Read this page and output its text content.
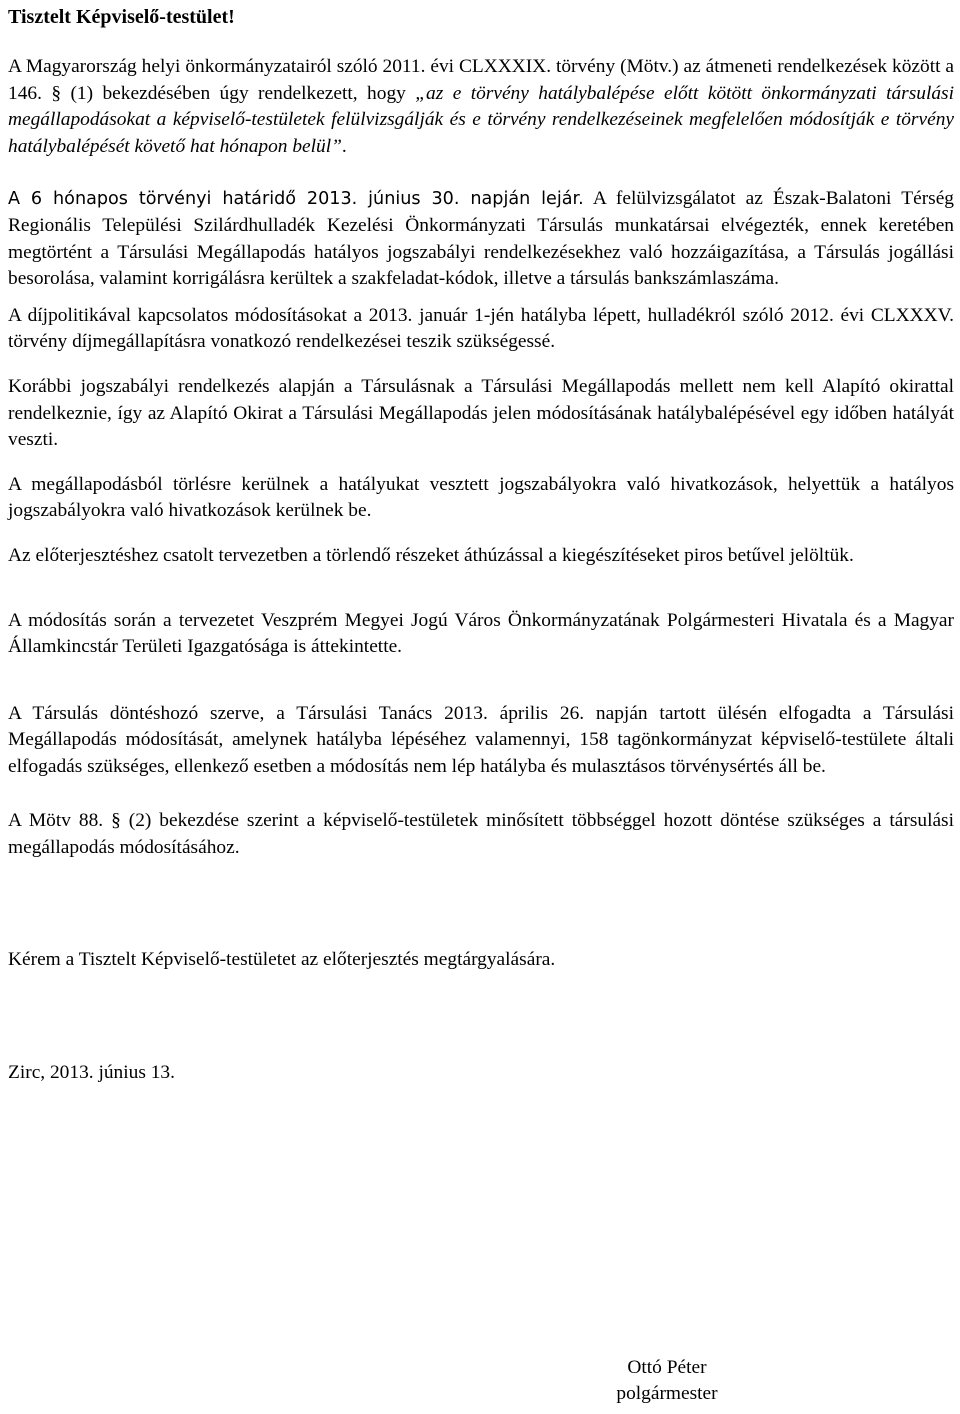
Tisztelt Képviselő-testület!

A Magyarország helyi önkormányzatairól szóló 2011. évi CLXXXIX. törvény (Mötv.) az átmeneti rendelkezések között a 146. § (1) bekezdésében úgy rendelkezett, hogy „az e törvény hatálybalépése előtt kötött önkormányzati társulási megállapodásokat a képviselő-testületek felülvizsgálják és e törvény rendelkezéseinek megfelelően módosítják e törvény hatálybalépését követő hat hónapon belül”.

A 6 hónapos törvényi határidő 2013. június 30. napján lejár. A felülvizsgálatot az Észak-Balatoni Térség Regionális Települési Szilárdhulladék Kezelési Önkormányzati Társulás munkatársai elvégezték, ennek keretében megtörtént a Társulási Megállapodás hatályos jogszabályi rendelkezésekhez való hozzáigazítása, a Társulás jogállási besorolása, valamint korrigálásra kerültek a szakfeladat-kódok, illetve a társulás bankszámlaszáma.

A díjpolitikával kapcsolatos módosításokat a 2013. január 1-jén hatályba lépett, hulladékról szóló 2012. évi CLXXXV. törvény díjmegállapításra vonatkozó rendelkezései teszik szükségessé.

Korábbi jogszabályi rendelkezés alapján a Társulásnak a Társulási Megállapodás mellett nem kell Alapító okirattal rendelkeznie, így az Alapító Okirat a Társulási Megállapodás jelen módosításának hatálybalépésével egy időben hatályát veszti.

A megállapodásból törlésre kerülnek a hatályukat vesztett jogszabályokra való hivatkozások, helyettük a hatályos jogszabályokra való hivatkozások kerülnek be.

Az előterjesztéshez csatolt tervezetben a törlendő részeket áthúzással a kiegészítéseket piros betűvel jelöltük.

A módosítás során a tervezetet Veszprém Megyei Jogú Város Önkormányzatának Polgármesteri Hivatala és a Magyar Államkincstár Területi Igazgatósága is áttekintette.

A Társulás döntéshozó szerve, a Társulási Tanács 2013. április 26. napján tartott ülésén elfogadta a Társulási Megállapodás módosítását, amelynek hatályba lépéséhez valamennyi, 158 tagönkormányzat képviselő-testülete általi elfogadás szükséges, ellenkező esetben a módosítás nem lép hatályba és mulasztásos törvénysértés áll be.

A Mötv 88. § (2) bekezdése szerint a képviselő-testületek minősített többséggel hozott döntése szükséges a társulási megállapodás módosításához.

Kérem a Tisztelt Képviselő-testületet az előterjesztés megtárgyalására.

Zirc, 2013. június 13.

Ottó Péter
polgármester
